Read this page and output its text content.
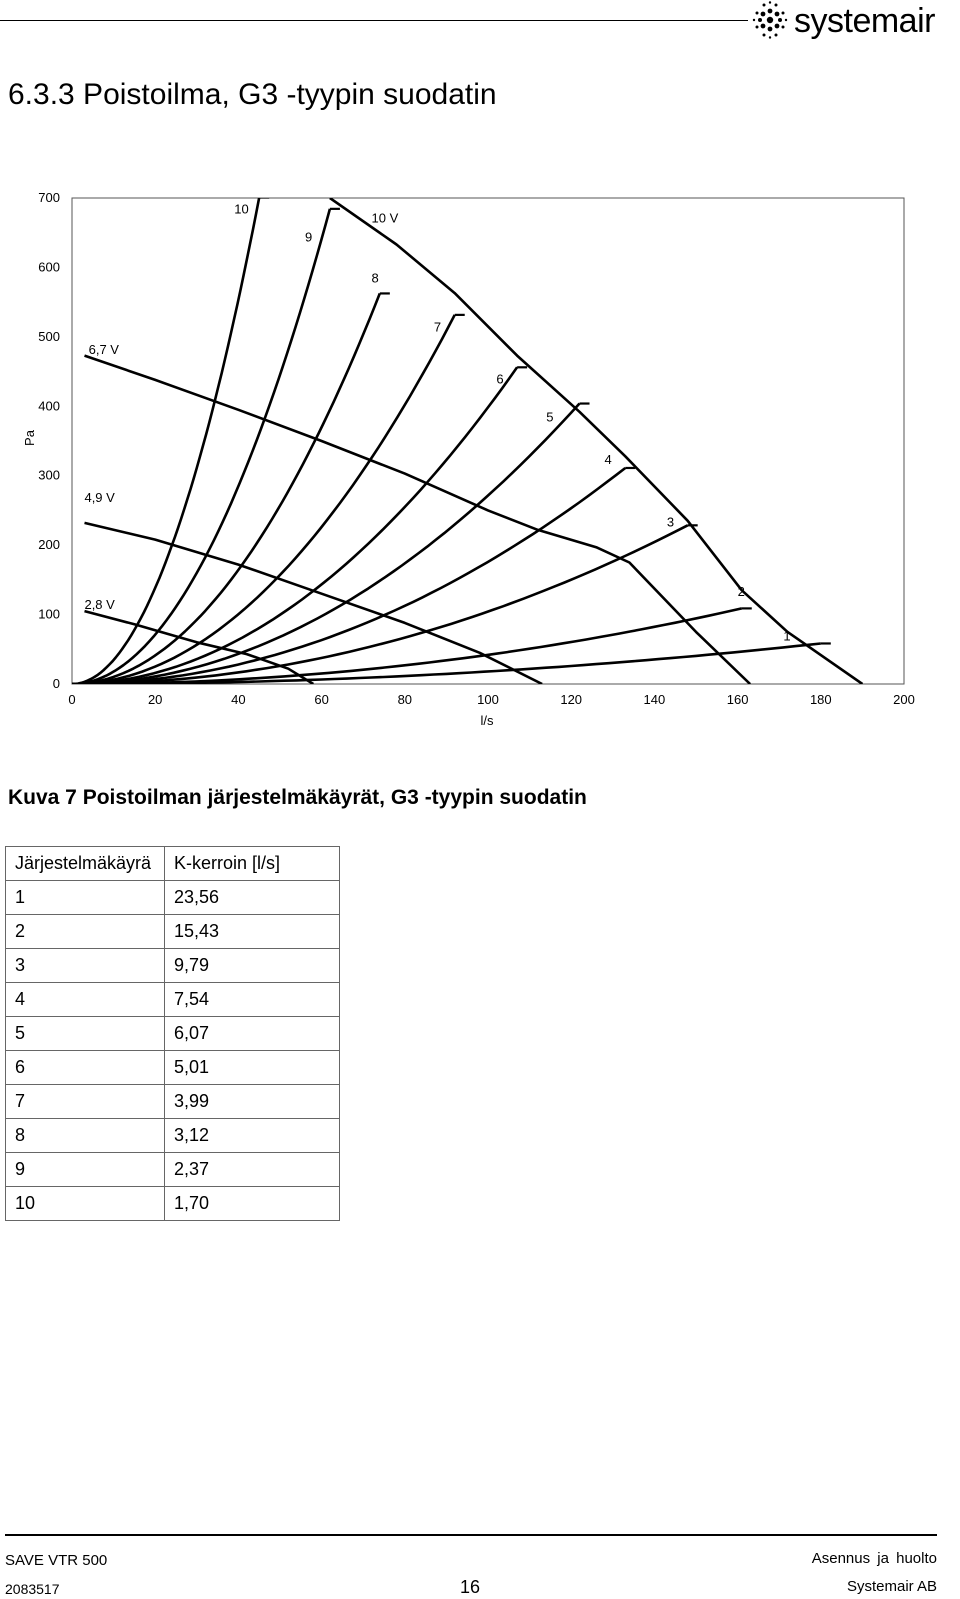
systemair
6.3.3 Poistoilma, G3 -tyypin suodatin
0
100
200
300
400
500
600
700
0	20	40	60	80	100	120	140	160	180	200
10
9
10 V
8
7
6
5
4
3
2
1
6,7 V
4,9 V
2,8 V
Pa
l/s
Kuva 7 Poistoilman järjestelmäkäyrät, G3 -tyypin suodatin
Järjestelmäkäyrä	K-kerroin [l/s]
1	23,56
2	15,43
3	9,79
4	7,54
5	6,07
6	5,01
7	3,99
8	3,12
9	2,37
10	1,70
SAVE VTR 500
2083517	16
Asennus ja huolto
Systemair AB
